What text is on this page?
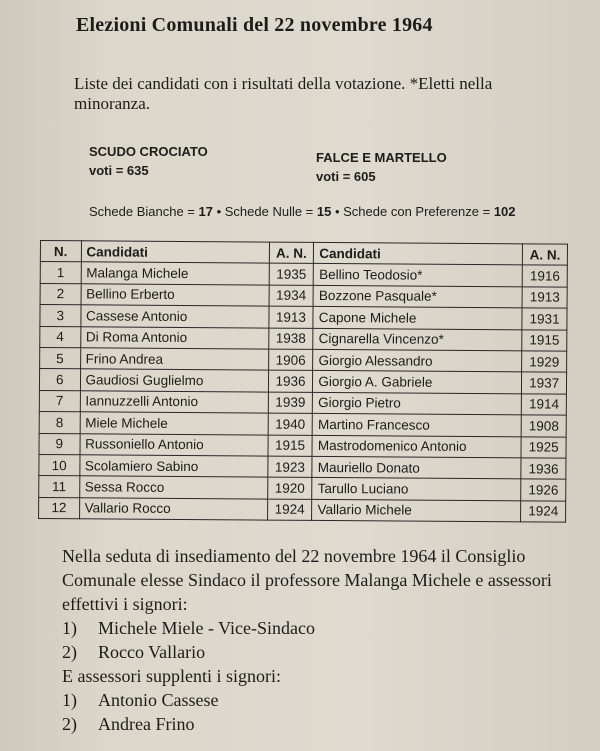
Elezioni Comunali del 22 novembre 1964
Liste dei candidati con i risultati della votazione. *Eletti nella minoranza.
SCUDO CROCIATO
voti = 635
FALCE E MARTELLO
voti = 605
Schede Bianche = 17 • Schede Nulle = 15 • Schede con Preferenze = 102
N.	Candidati	A. N.	Candidati	A. N.
1	Malanga Michele	1935	Bellino Teodosio*	1916
2	Bellino Erberto	1934	Bozzone Pasquale*	1913
3	Cassese Antonio	1913	Capone Michele	1931
4	Di Roma Antonio	1938	Cignarella Vincenzo*	1915
5	Frino Andrea	1906	Giorgio Alessandro	1929
6	Gaudiosi Guglielmo	1936	Giorgio A. Gabriele	1937
7	Iannuzzelli Antonio	1939	Giorgio Pietro	1914
8	Miele Michele	1940	Martino Francesco	1908
9	Russoniello Antonio	1915	Mastrodomenico Antonio	1925
10	Scolamiero Sabino	1923	Mauriello Donato	1936
11	Sessa Rocco	1920	Tarullo Luciano	1926
12	Vallario Rocco	1924	Vallario Michele	1924

Nella seduta di insediamento del 22 novembre 1964 il Consiglio Comunale elesse Sindaco il professore Malanga Michele e assessori effettivi i signori:

1)	Michele Miele - Vice-Sindaco
2)	Rocco Vallario

E assessori supplenti i signori:

1)	Antonio Cassese
2)	Andrea Frino
